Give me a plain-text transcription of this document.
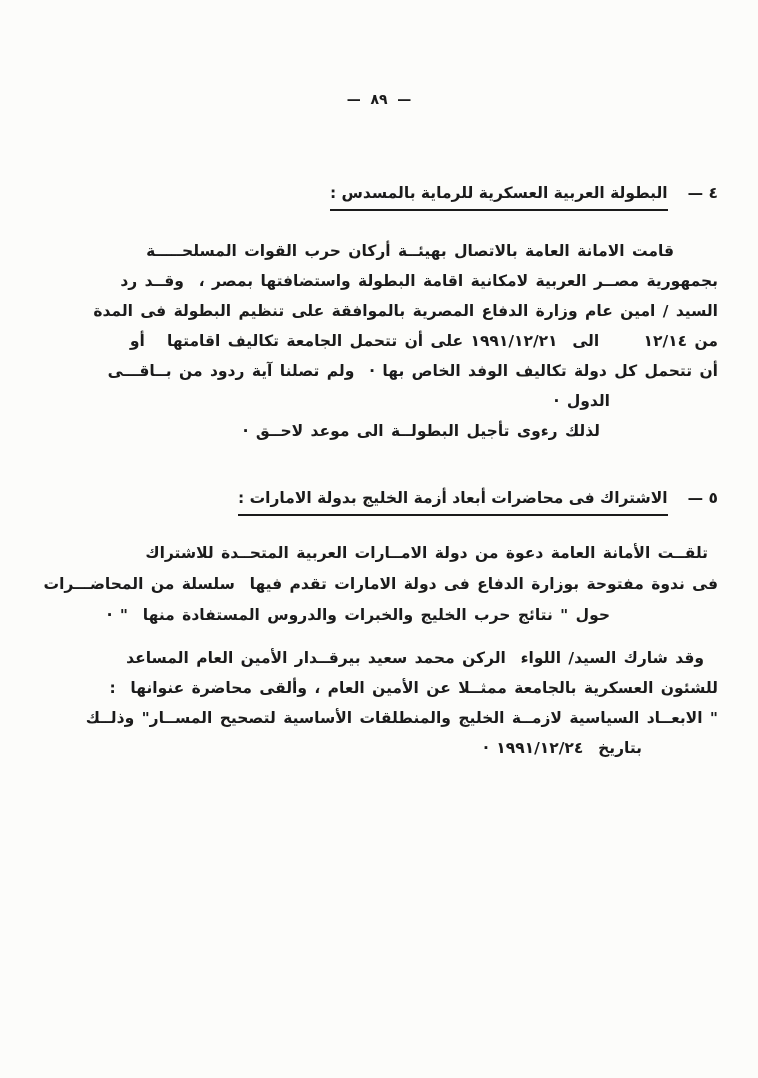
—  ٨٩  —
٤ —البطولة العربية العسكرية للرماية بالمسدس :
قامت الامانة العامة بالاتصال بهيئــة أركان حرب القوات المسلحـــــة
بجمهورية مصــر العربية لامكانية اقامة البطولة واستضافتها بمصر ،  وقــد رد
السيد / امين عام وزارة الدفاع المصرية بالموافقة على تنظيم البطولة فى المدة
من ١٢/١٤      الى  ١٩٩١/١٢/٢١ على أن تتحمل الجامعة تكاليف اقامتها   أو
أن تتحمل كل دولة تكاليف الوفد الخاص بها ·  ولم تصلنا آية ردود من بــاقـــى
الدول ·
لذلك رءوى تأجيل البطولــة الى موعد لاحــق ·
٥ —الاشتراك فى محاضرات أبعاد أزمة الخليج بدولة الامارات :
تلقــت الأمانة العامة دعوة من دولة الامــارات العربية المتحــدة للاشتراك
فى ندوة مفتوحة بوزارة الدفاع فى دولة الامارات تقدم فيها  سلسلة من المحاضـــرات
حول " نتائج حرب الخليج والخبرات والدروس المستفادة منها  " ·
وقد شارك السيد/ اللواء  الركن محمد سعيد بيرقــدار الأمين العام المساعد
للشئون العسكرية بالجامعة ممثــلا عن الأمين العام ، وألقى محاضرة عنوانها  :
" الابعــاد السياسية لازمــة الخليج والمنطلقات الأساسية لتصحيح المســار" وذلــك
بتاريخ  ١٩٩١/١٢/٢٤ ·
